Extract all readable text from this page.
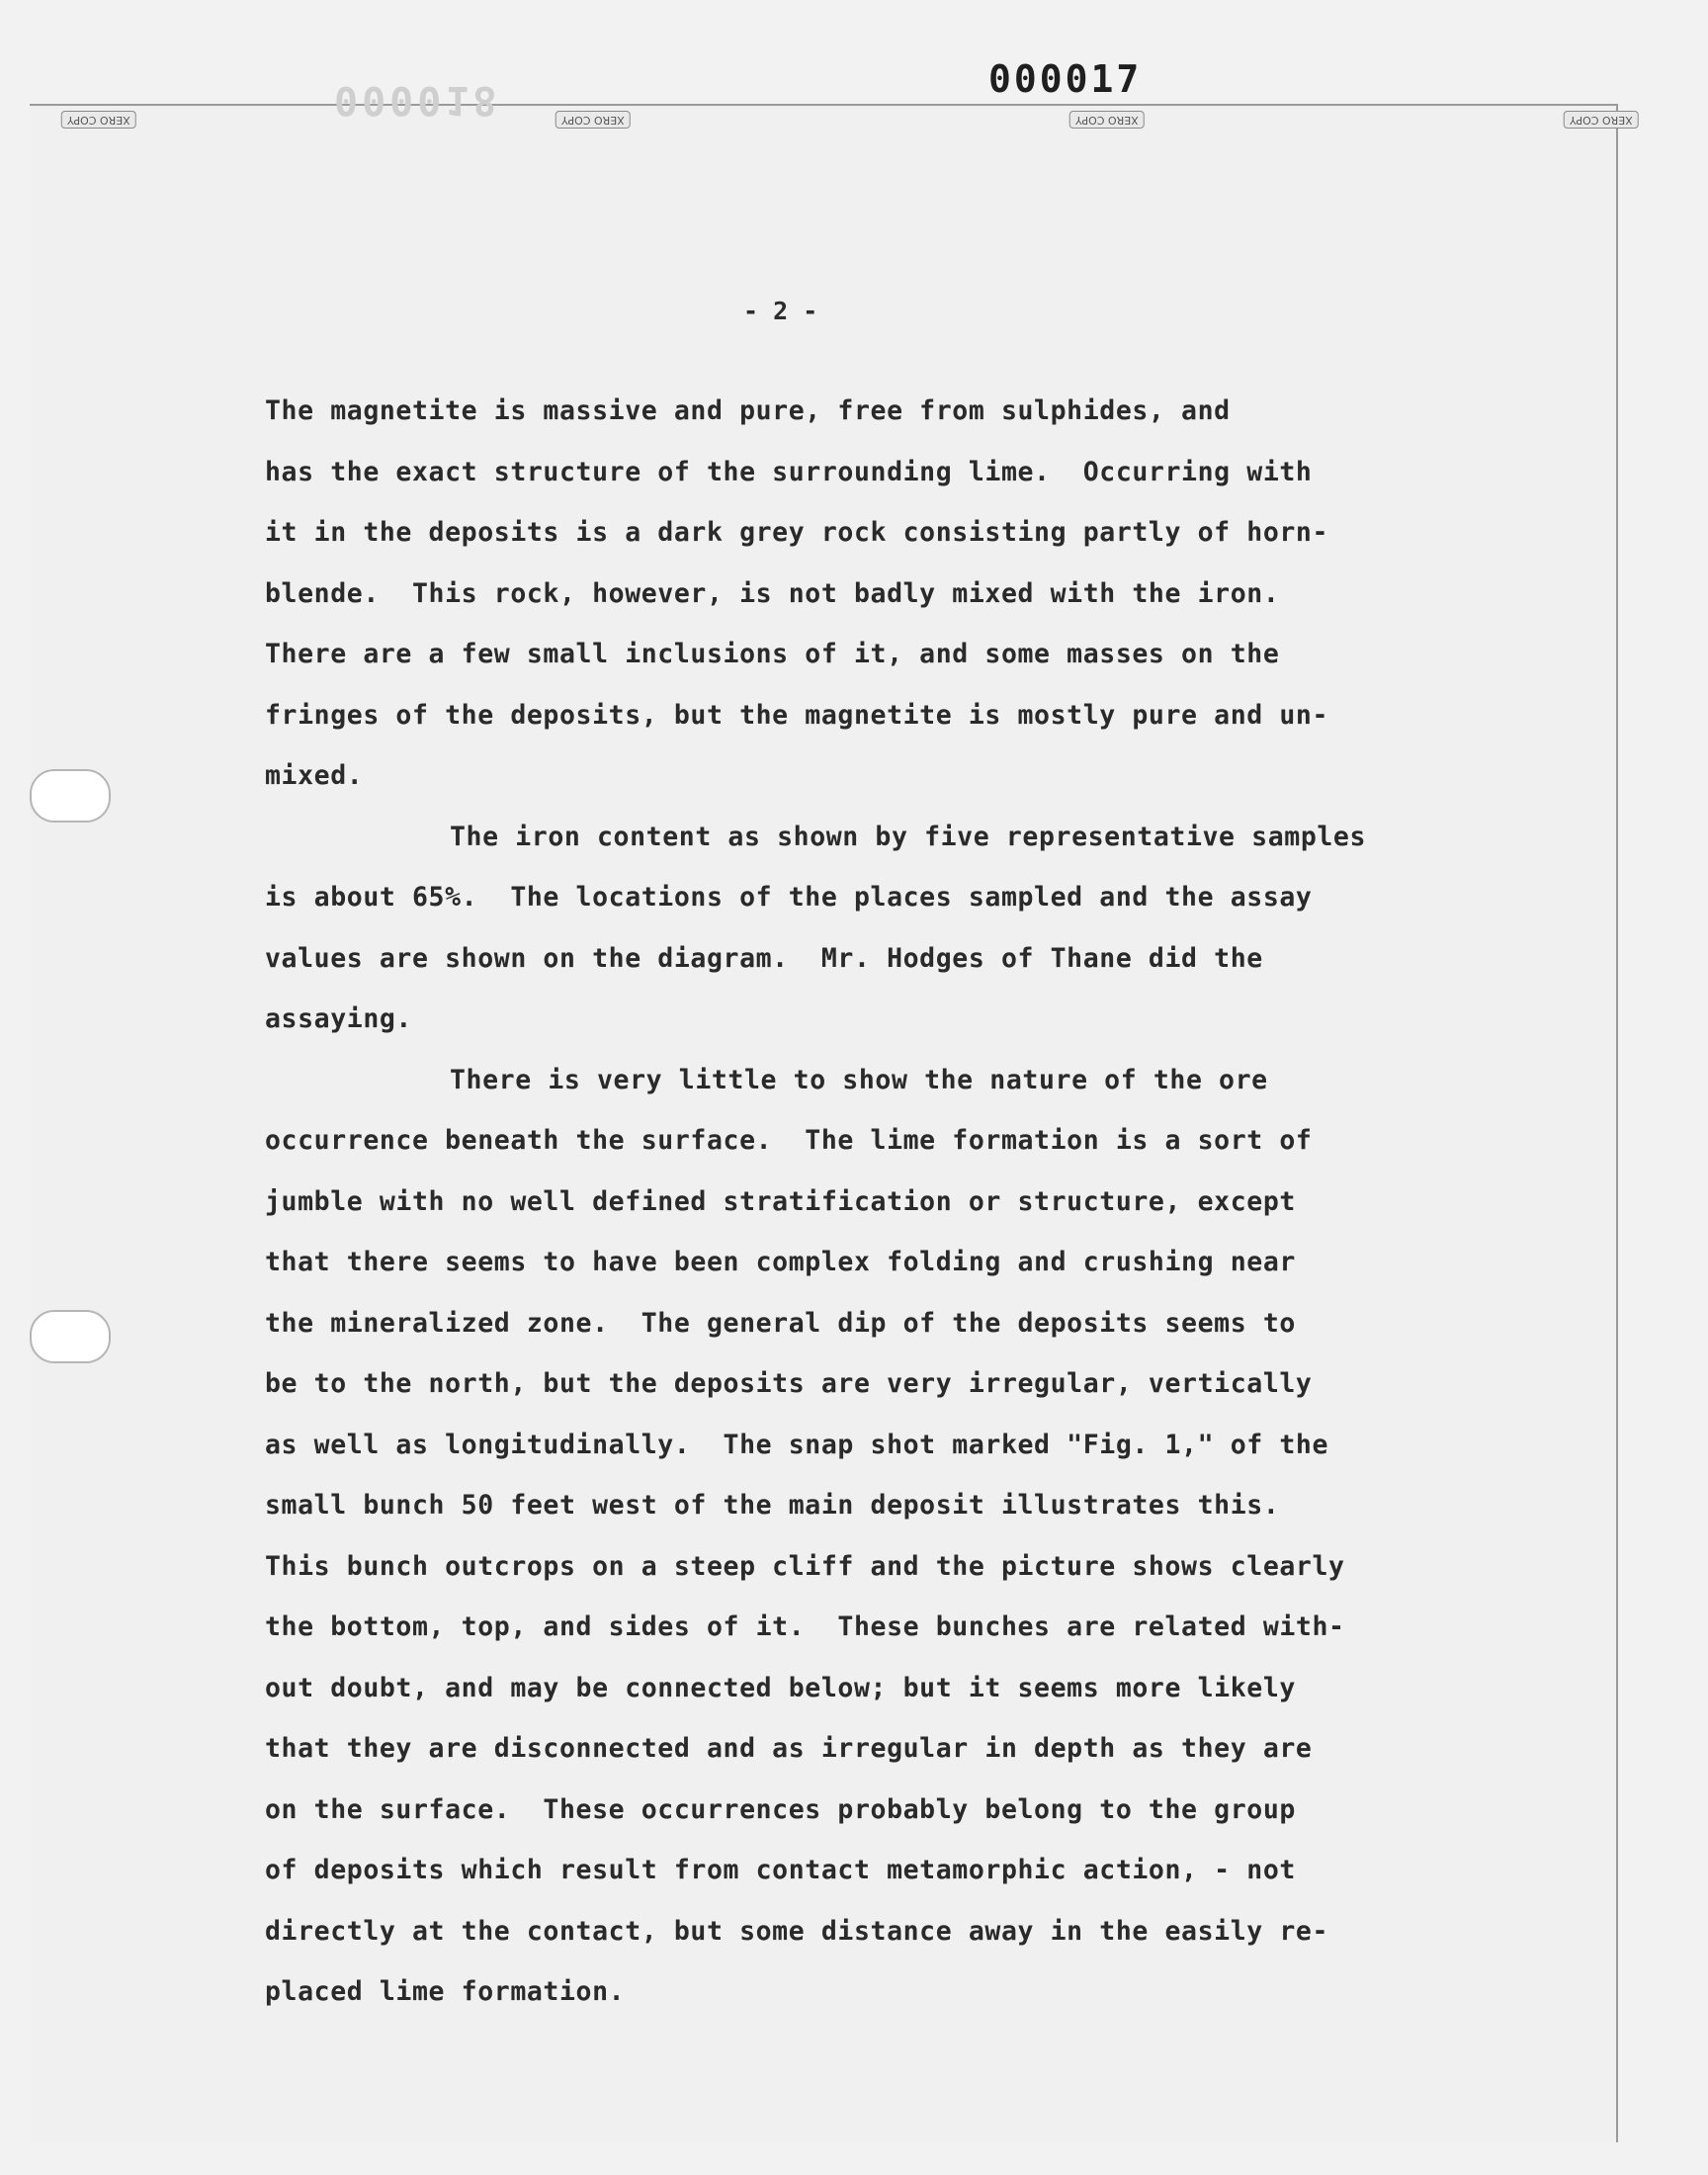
000018	000017
XERO COPY	XERO COPY	XERO COPY	XERO COPY
- 2 -
The magnetite is massive and pure, free from sulphides, and
has the exact structure of the surrounding lime.  Occurring with
it in the deposits is a dark grey rock consisting partly of horn-
blende.  This rock, however, is not badly mixed with the iron.
There are a few small inclusions of it, and some masses on the
fringes of the deposits, but the magnetite is mostly pure and un-
mixed.
The iron content as shown by five representative samples
is about 65%.  The locations of the places sampled and the assay
values are shown on the diagram.  Mr. Hodges of Thane did the
assaying.
There is very little to show the nature of the ore
occurrence beneath the surface.  The lime formation is a sort of
jumble with no well defined stratification or structure, except
that there seems to have been complex folding and crushing near
the mineralized zone.  The general dip of the deposits seems to
be to the north, but the deposits are very irregular, vertically
as well as longitudinally.  The snap shot marked "Fig. 1," of the
small bunch 50 feet west of the main deposit illustrates this.
This bunch outcrops on a steep cliff and the picture shows clearly
the bottom, top, and sides of it.  These bunches are related with-
out doubt, and may be connected below; but it seems more likely
that they are disconnected and as irregular in depth as they are
on the surface.  These occurrences probably belong to the group
of deposits which result from contact metamorphic action, - not
directly at the contact, but some distance away in the easily re-
placed lime formation.
